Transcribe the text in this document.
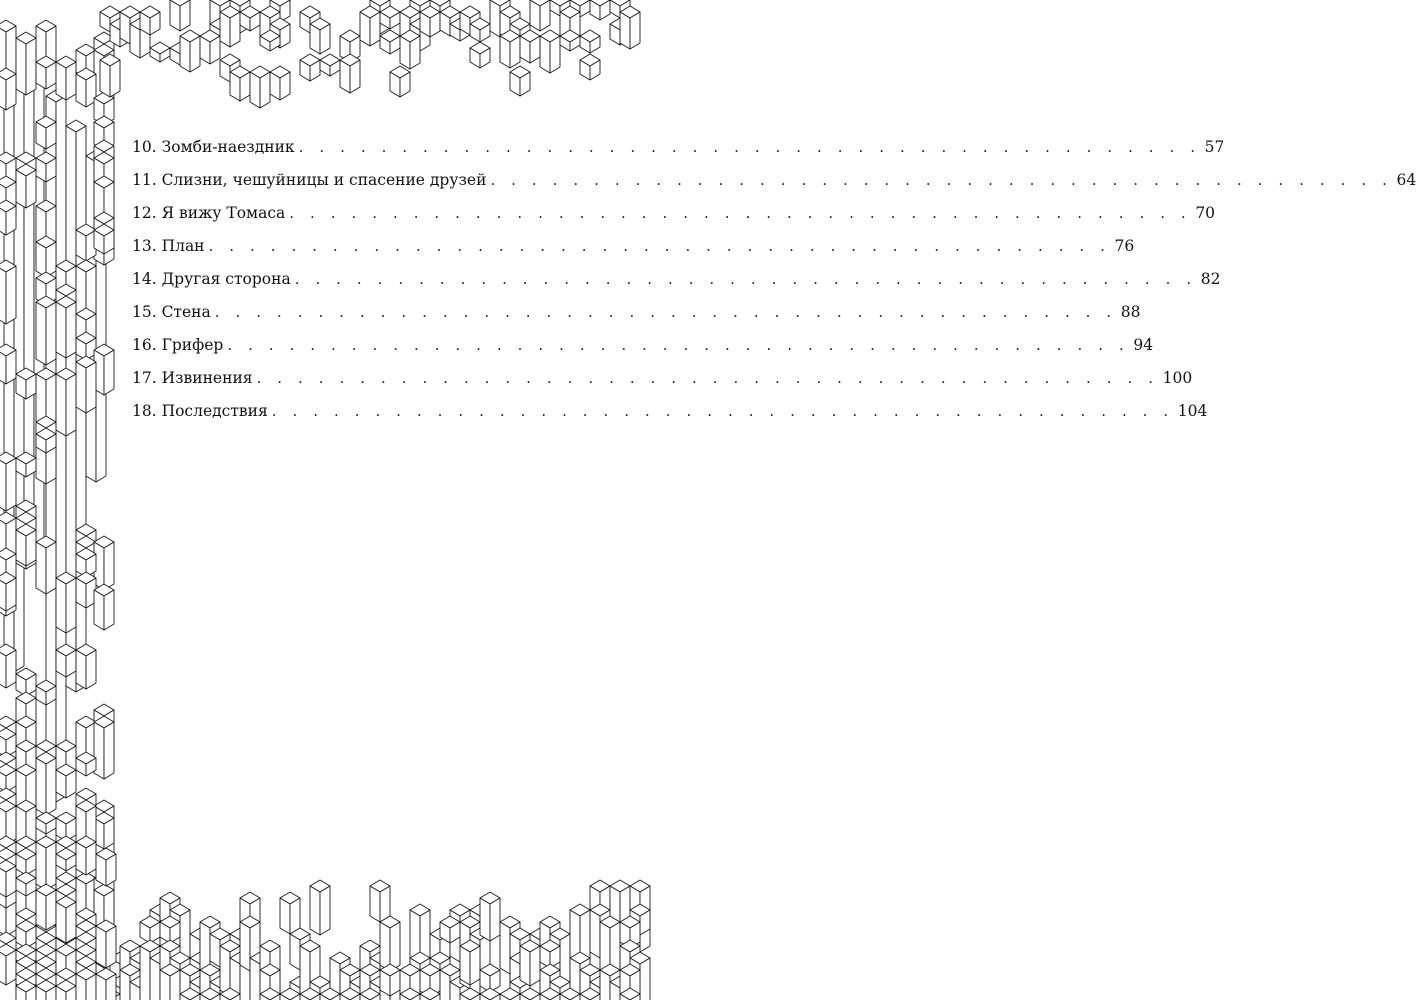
10. Зомби-наездник . . . . . . . . . . . . . . . . . . . . . . . . . . . . . . . . . . . . . . . . . . . . 57
11. Слизни, чешуйницы и спасение друзей . . . . . . . . . . . . . . . . . . . . . . . . . . . . . . . . . . . . . . . . . . . . 64
12. Я вижу Томаса . . . . . . . . . . . . . . . . . . . . . . . . . . . . . . . . . . . . . . . . . . . . 70
13. План . . . . . . . . . . . . . . . . . . . . . . . . . . . . . . . . . . . . . . . . . . . . 76
14. Другая сторона . . . . . . . . . . . . . . . . . . . . . . . . . . . . . . . . . . . . . . . . . . . . 82
15. Стена . . . . . . . . . . . . . . . . . . . . . . . . . . . . . . . . . . . . . . . . . . . . 88
16. Грифер . . . . . . . . . . . . . . . . . . . . . . . . . . . . . . . . . . . . . . . . . . . . 94
17. Извинения . . . . . . . . . . . . . . . . . . . . . . . . . . . . . . . . . . . . . . . . . . . . 100
18. Последствия . . . . . . . . . . . . . . . . . . . . . . . . . . . . . . . . . . . . . . . . . . . . 104
